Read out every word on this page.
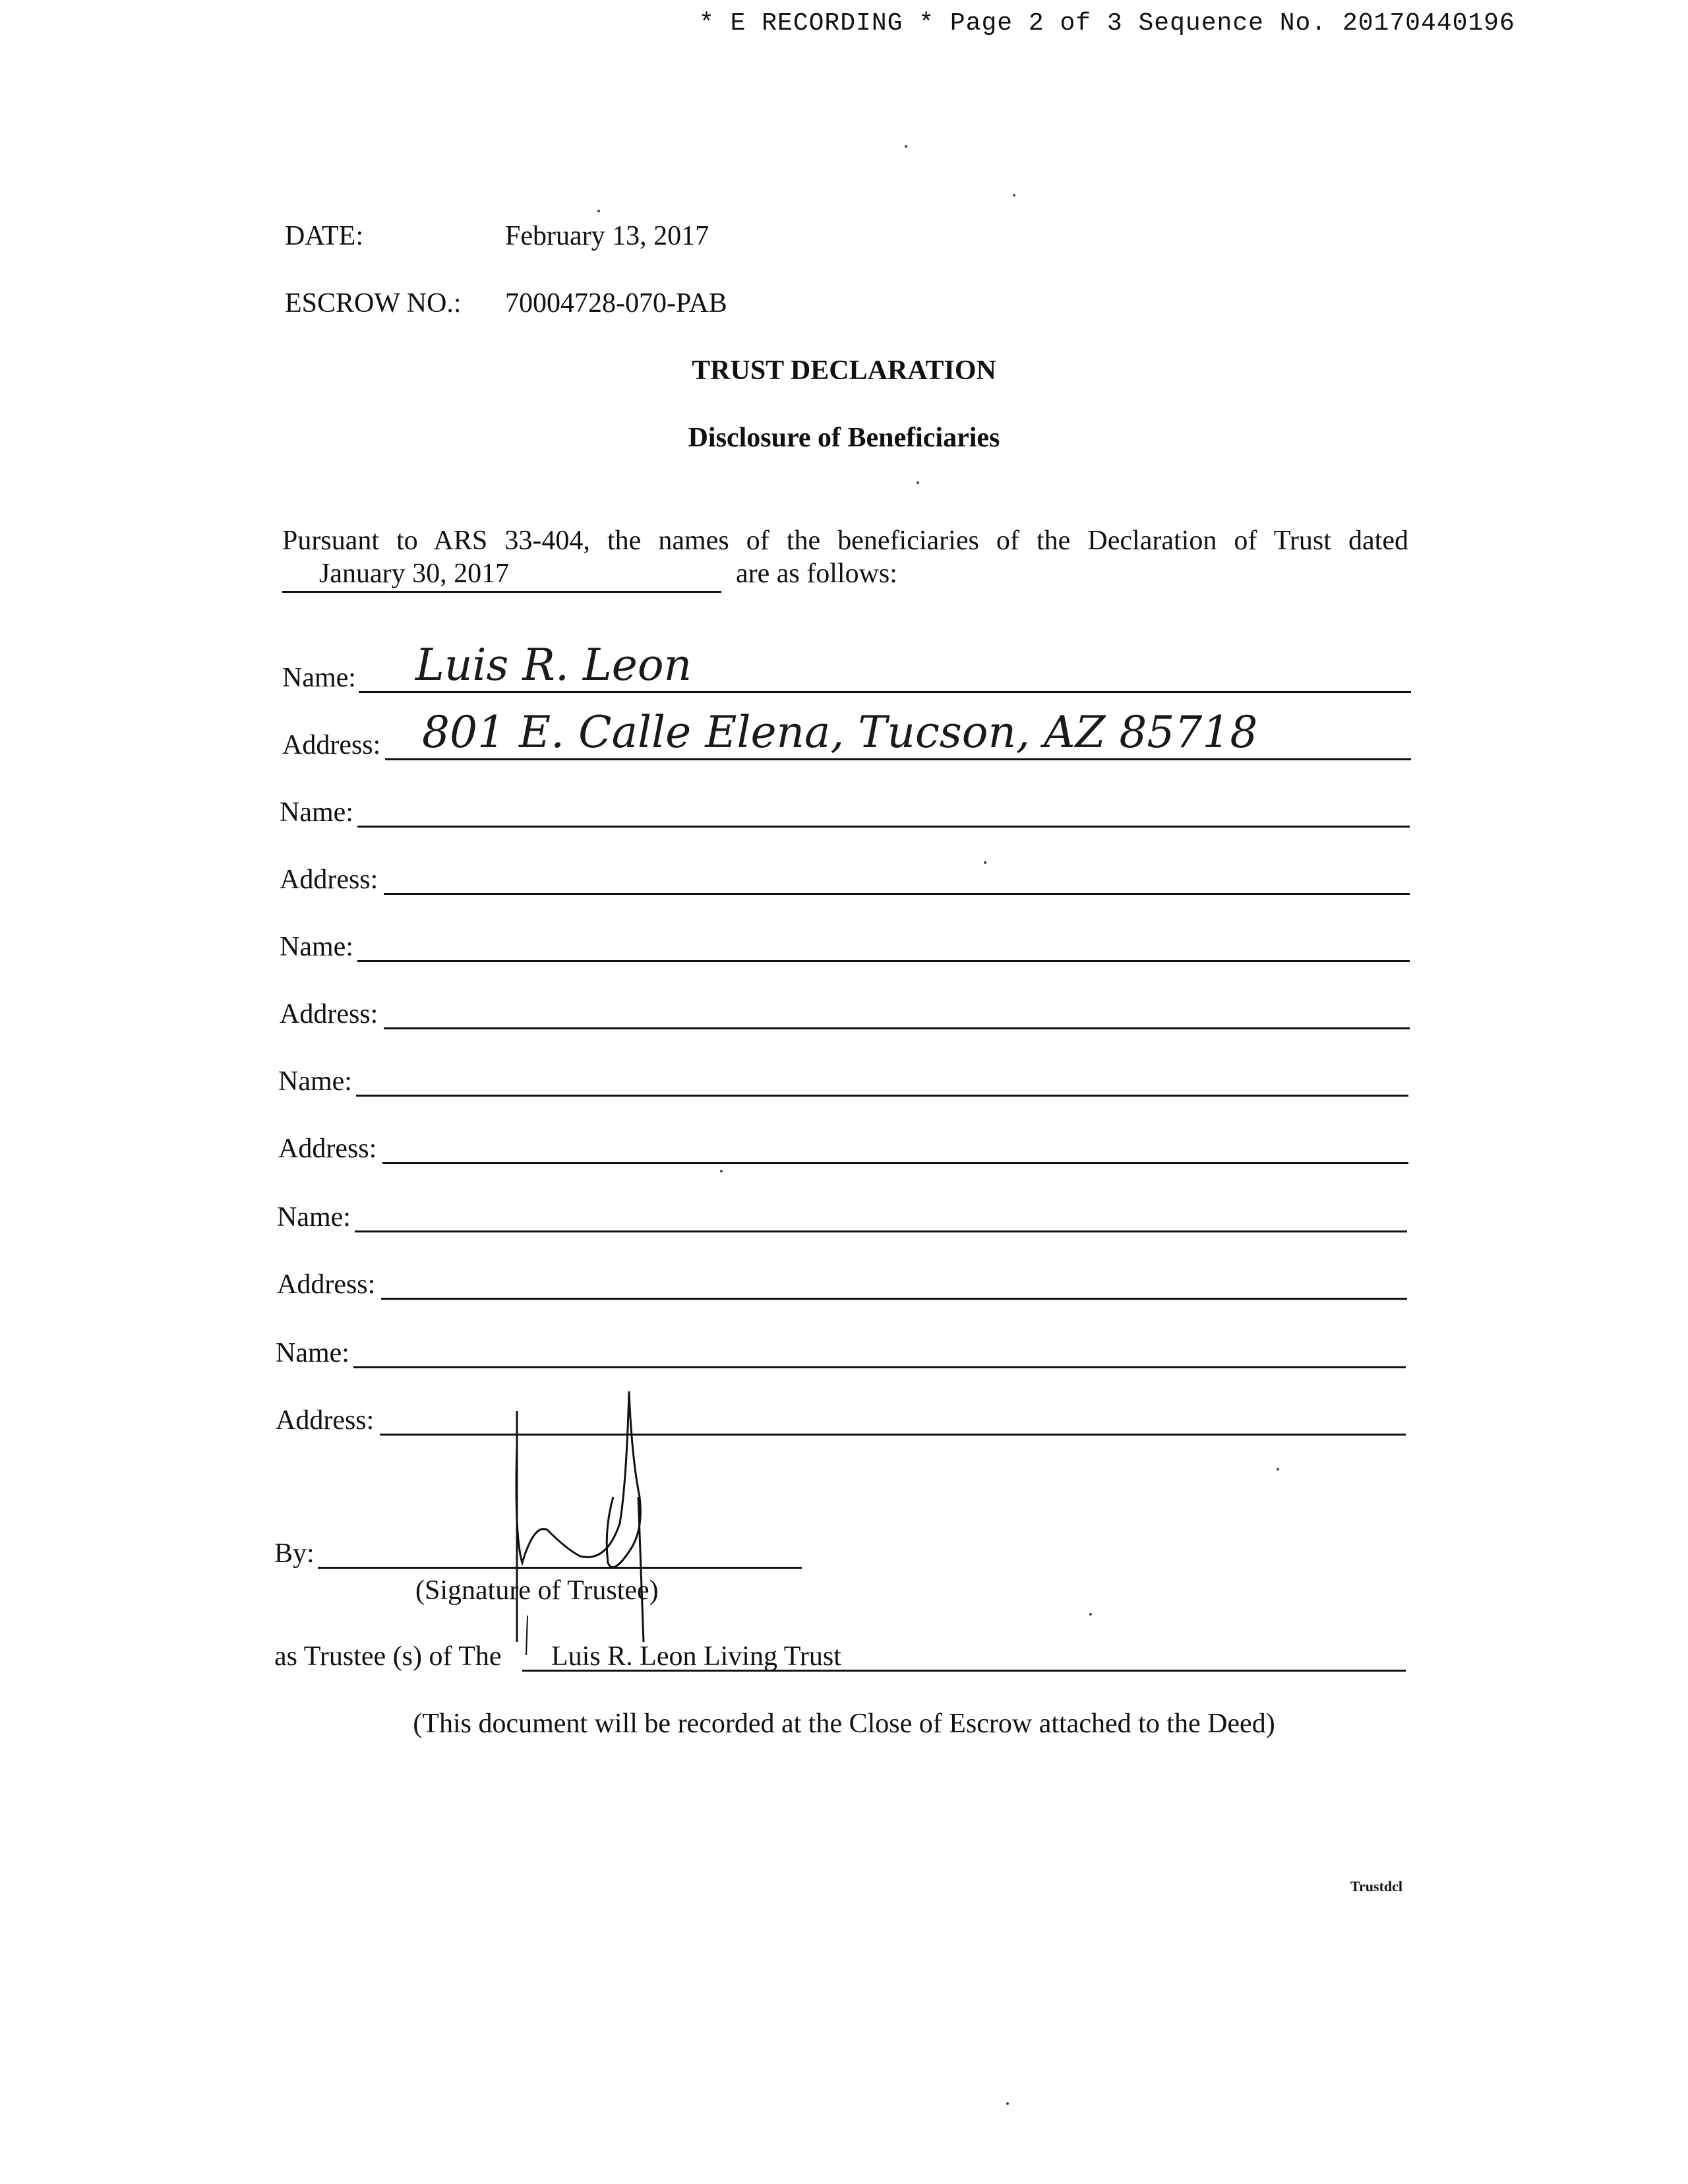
* E RECORDING * Page 2 of 3 Sequence No. 20170440196
DATE:	February 13, 2017
ESCROW NO.: 70004728-070-PAB
TRUST DECLARATION
Disclosure of Beneficiaries
Pursuant to ARS 33-404, the names of the beneficiaries of the Declaration of Trust dated
January 30, 2017	are as follows:
Name: Luis R. Leon
Address: 801 E. Calle Elena, Tucson, AZ 85718
Name:
Address:
Name:
Address:
Name:
Address:
Name:
Address:
Name:
Address:
By:
(Signature of Trustee)
as Trustee (s) of The Luis R. Leon Living Trust
(This document will be recorded at the Close of Escrow attached to the Deed)
Trustdcl
